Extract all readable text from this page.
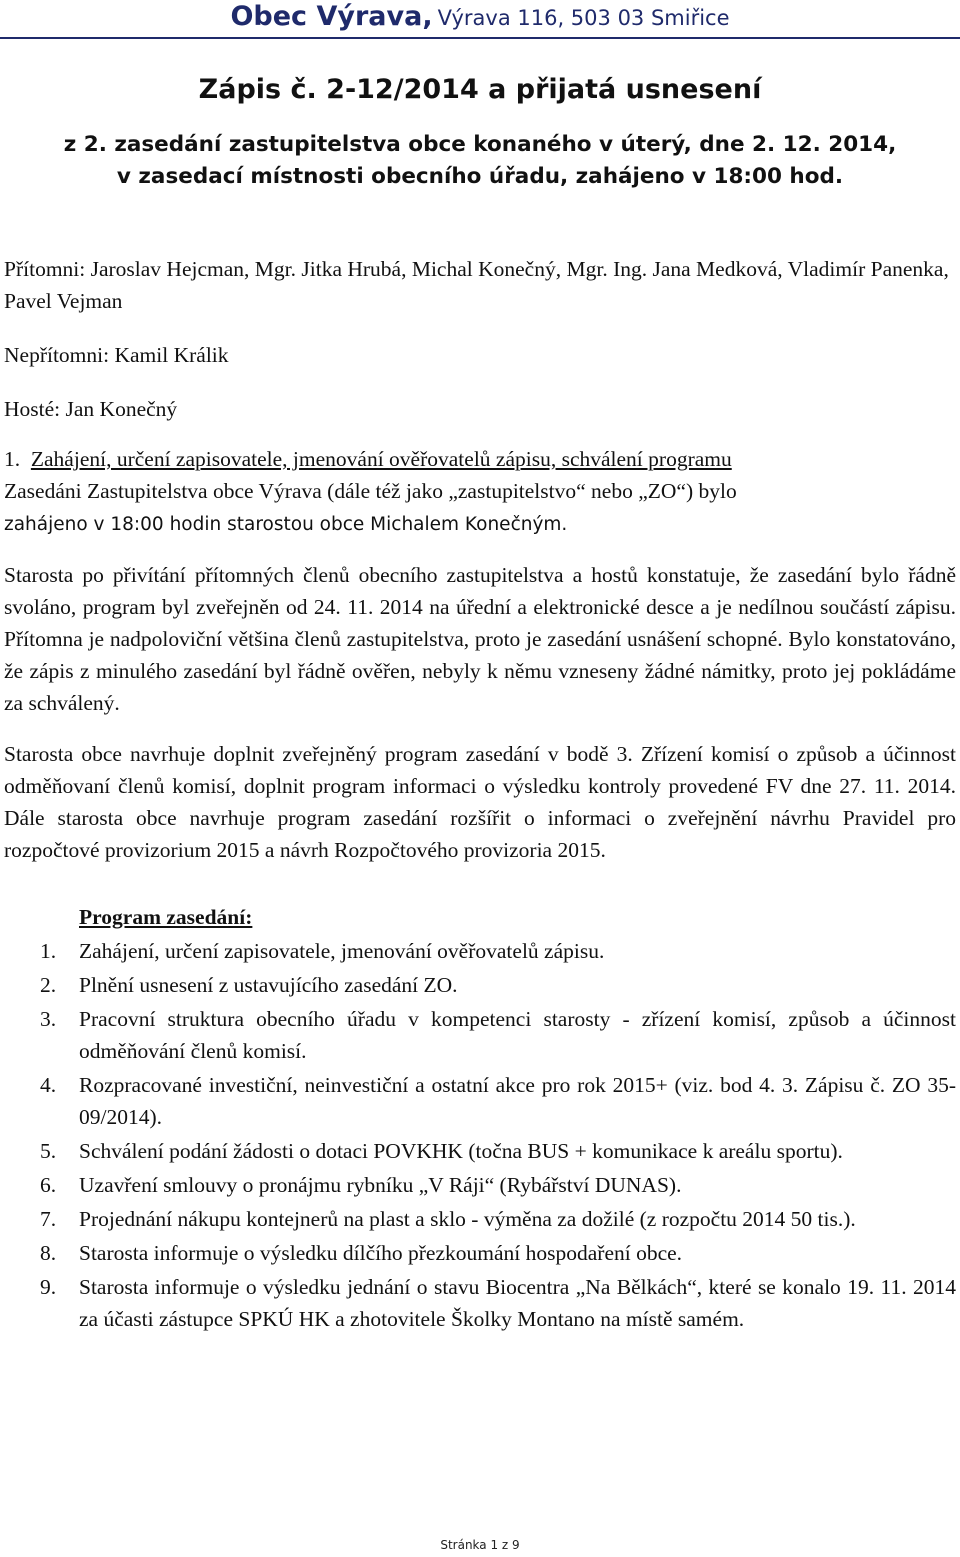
Obec Výrava, Výrava 116, 503 03 Smiřice
Zápis č. 2-12/2014 a přijatá usnesení
z 2. zasedání zastupitelstva obce konaného v úterý, dne 2. 12. 2014,
v zasedací místnosti obecního úřadu, zahájeno v 18:00 hod.

Přítomni: Jaroslav Hejcman, Mgr. Jitka Hrubá, Michal Konečný, Mgr. Ing. Jana Medková, Vladimír Panenka, Pavel Vejman

Nepřítomni: Kamil Králik

Hosté: Jan Konečný

1. Zahájení, určení zapisovatele, jmenování ověřovatelů zápisu, schválení programu

Zasedáni Zastupitelstva obce Výrava (dále též jako „zastupitelstvo“ nebo „ZO“) bylo
zahájeno v 18:00 hodin starostou obce Michalem Konečným.

Starosta po přivítání přítomných členů obecního zastupitelstva a hostů konstatuje, že zasedání bylo řádně svoláno, program byl zveřejněn od 24. 11. 2014 na úřední a elektronické desce a je nedílnou součástí zápisu. Přítomna je nadpoloviční většina členů zastupitelstva, proto je zasedání usnášení schopné. Bylo konstatováno, že zápis z minulého zasedání byl řádně ověřen, nebyly k němu vzneseny žádné námitky, proto jej pokládáme za schválený.

Starosta obce navrhuje doplnit zveřejněný program zasedání v bodě 3. Zřízení komisí o způsob a účinnost odměňovaní členů komisí, doplnit program informaci o výsledku kontroly provedené FV dne 27. 11. 2014. Dále starosta obce navrhuje program zasedání rozšířit o informaci o zveřejnění návrhu Pravidel pro rozpočtové provizorium 2015 a návrh Rozpočtového provizoria 2015.

Program zasedání:

1. Zahájení, určení zapisovatele, jmenování ověřovatelů zápisu.
2. Plnění usnesení z ustavujícího zasedání ZO.
3. Pracovní struktura obecního úřadu v kompetenci starosty - zřízení komisí, způsob a účinnost odměňování členů komisí.
4. Rozpracované investiční, neinvestiční a ostatní akce pro rok 2015+ (viz. bod 4. 3. Zápisu č. ZO 35-09/2014).
5. Schválení podání žádosti o dotaci POVKHK (točna BUS + komunikace k areálu sportu).
6. Uzavření smlouvy o pronájmu rybníku „V Ráji“ (Rybářství DUNAS).
7. Projednání nákupu kontejnerů na plast a sklo - výměna za dožilé (z rozpočtu 2014 50 tis.).
8. Starosta informuje o výsledku dílčího přezkoumání hospodaření obce.
9. Starosta informuje o výsledku jednání o stavu Biocentra „Na Bělkách“, které se konalo 19. 11. 2014 za účasti zástupce SPKÚ HK a zhotovitele Školky Montano na místě samém.
Stránka 1 z 9
